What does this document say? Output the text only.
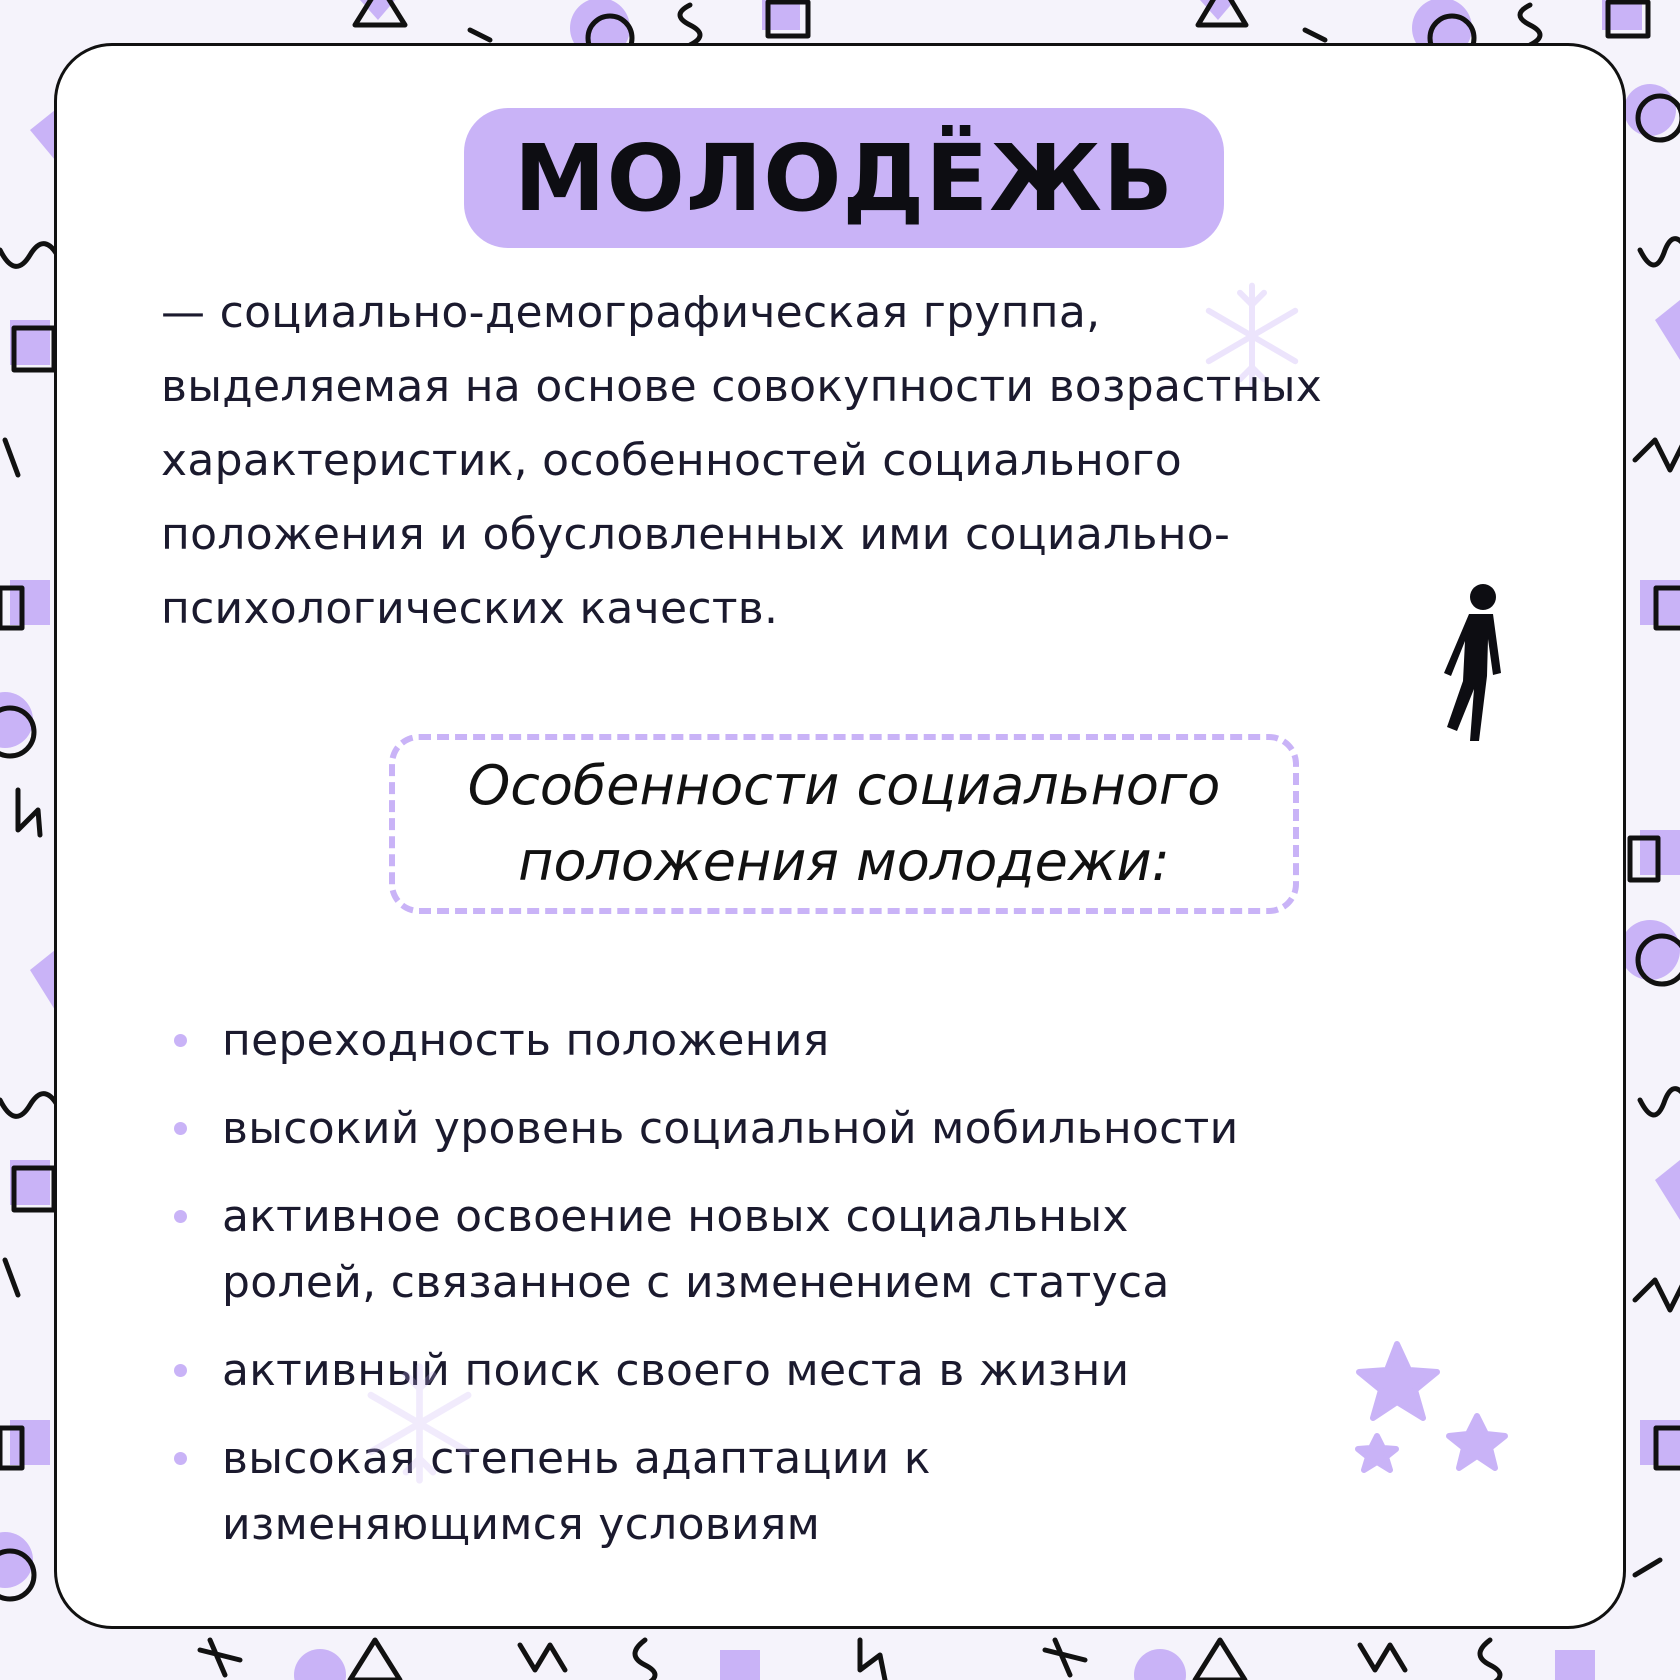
МОЛОДЁЖЬ

— социально-демографическая группа,

выделяемая на основе совокупности возрастных

характеристик, особенностей социального

положения и обусловленных ими социально-

психологических качеств.

Особенности социального
положения молодежи:
переходность положения
высокий уровень социальной мобильности
активное освоение новых социальных
ролей, связанное с изменением статуса
активный поиск своего места в жизни
высокая степень адаптации к
изменяющимся условиям
